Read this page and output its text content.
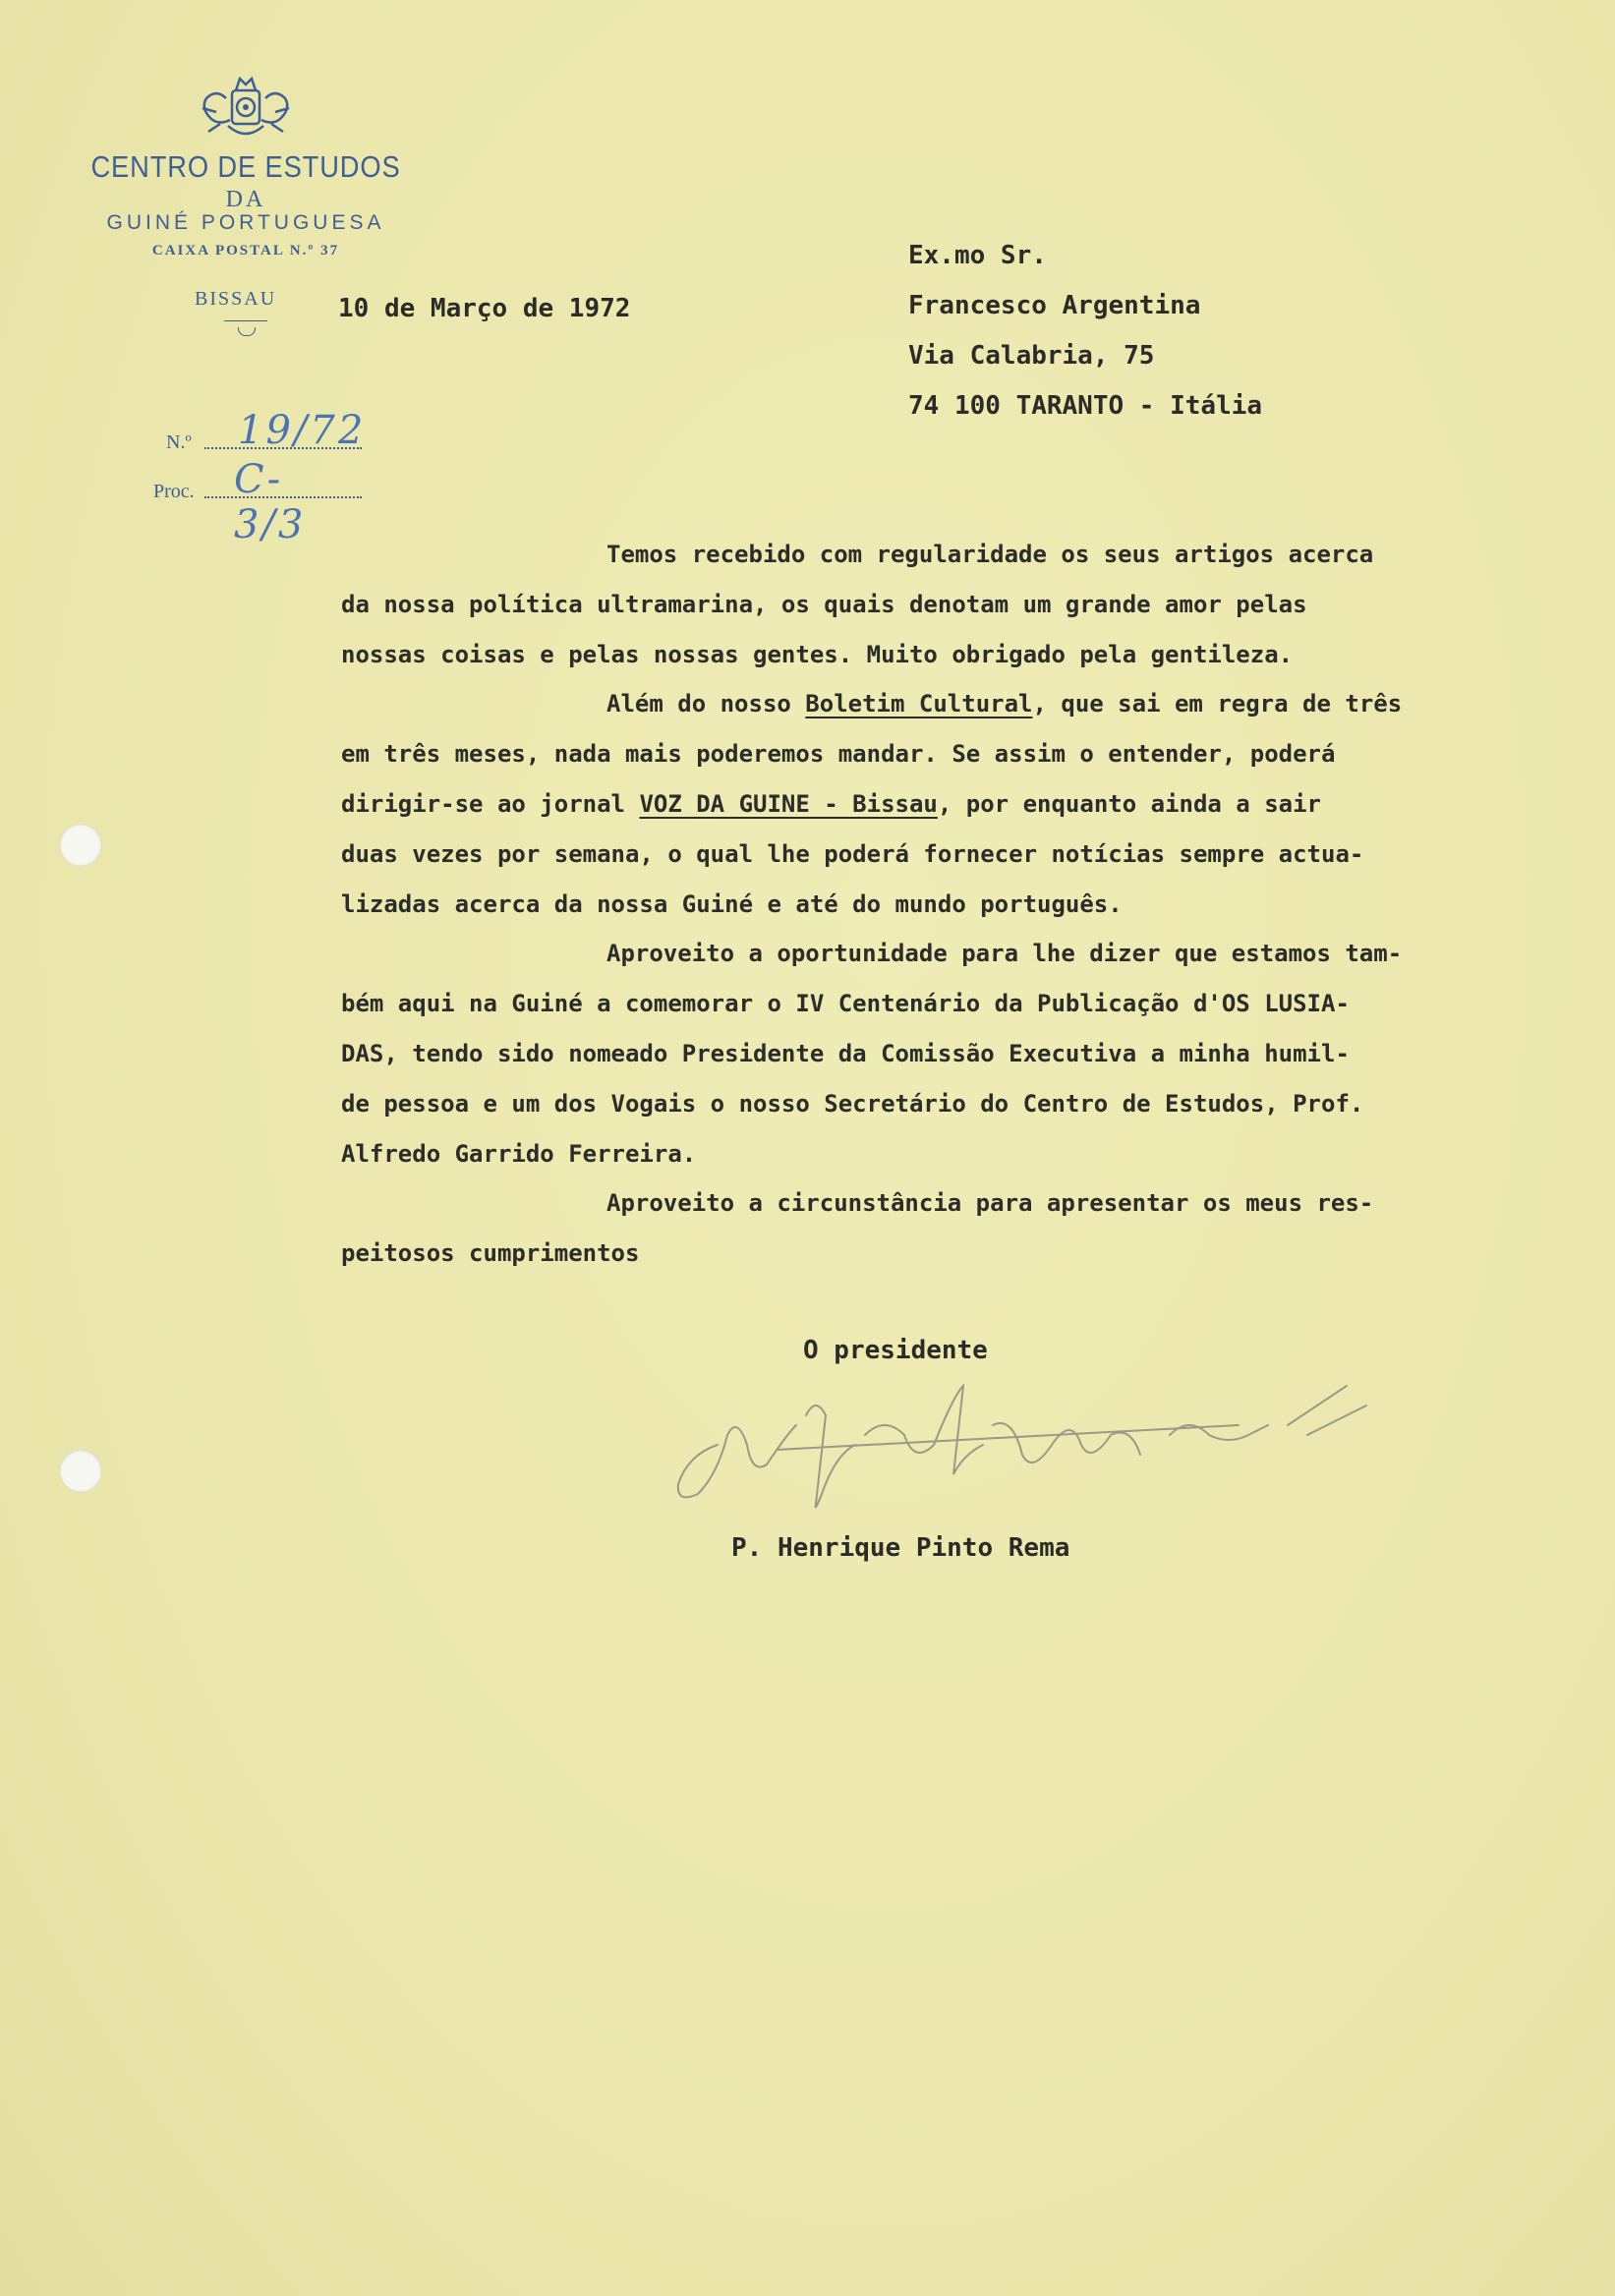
CENTRO DE ESTUDOS
DA
GUINÉ PORTUGUESA
CAIXA POSTAL N.º 37
BISSAU 10 de Março de 1972
Ex.mo Sr.
Francesco Argentina
Via Calabria, 75
74 100 TARANTO - Itália
N.º 19/72
Proc. C-3/3
Temos recebido com regularidade os seus artigos acerca
da nossa política ultramarina, os quais denotam um grande amor pelas
nossas coisas e pelas nossas gentes. Muito obrigado pela gentileza.
Além do nosso Boletim Cultural, que sai em regra de três
em três meses, nada mais poderemos mandar. Se assim o entender, poderá
dirigir-se ao jornal VOZ DA GUINE - Bissau, por enquanto ainda a sair
duas vezes por semana, o qual lhe poderá fornecer notícias sempre actua-
lizadas acerca da nossa Guiné e até do mundo português.
Aproveito a oportunidade para lhe dizer que estamos tam-
bém aqui na Guiné a comemorar o IV Centenário da Publicação d'OS LUSIA-
DAS, tendo sido nomeado Presidente da Comissão Executiva a minha humil-
de pessoa e um dos Vogais o nosso Secretário do Centro de Estudos, Prof.
Alfredo Garrido Ferreira.
Aproveito a circunstância para apresentar os meus res-
peitosos cumprimentos
O presidente
P. Henrique Pinto Rema
